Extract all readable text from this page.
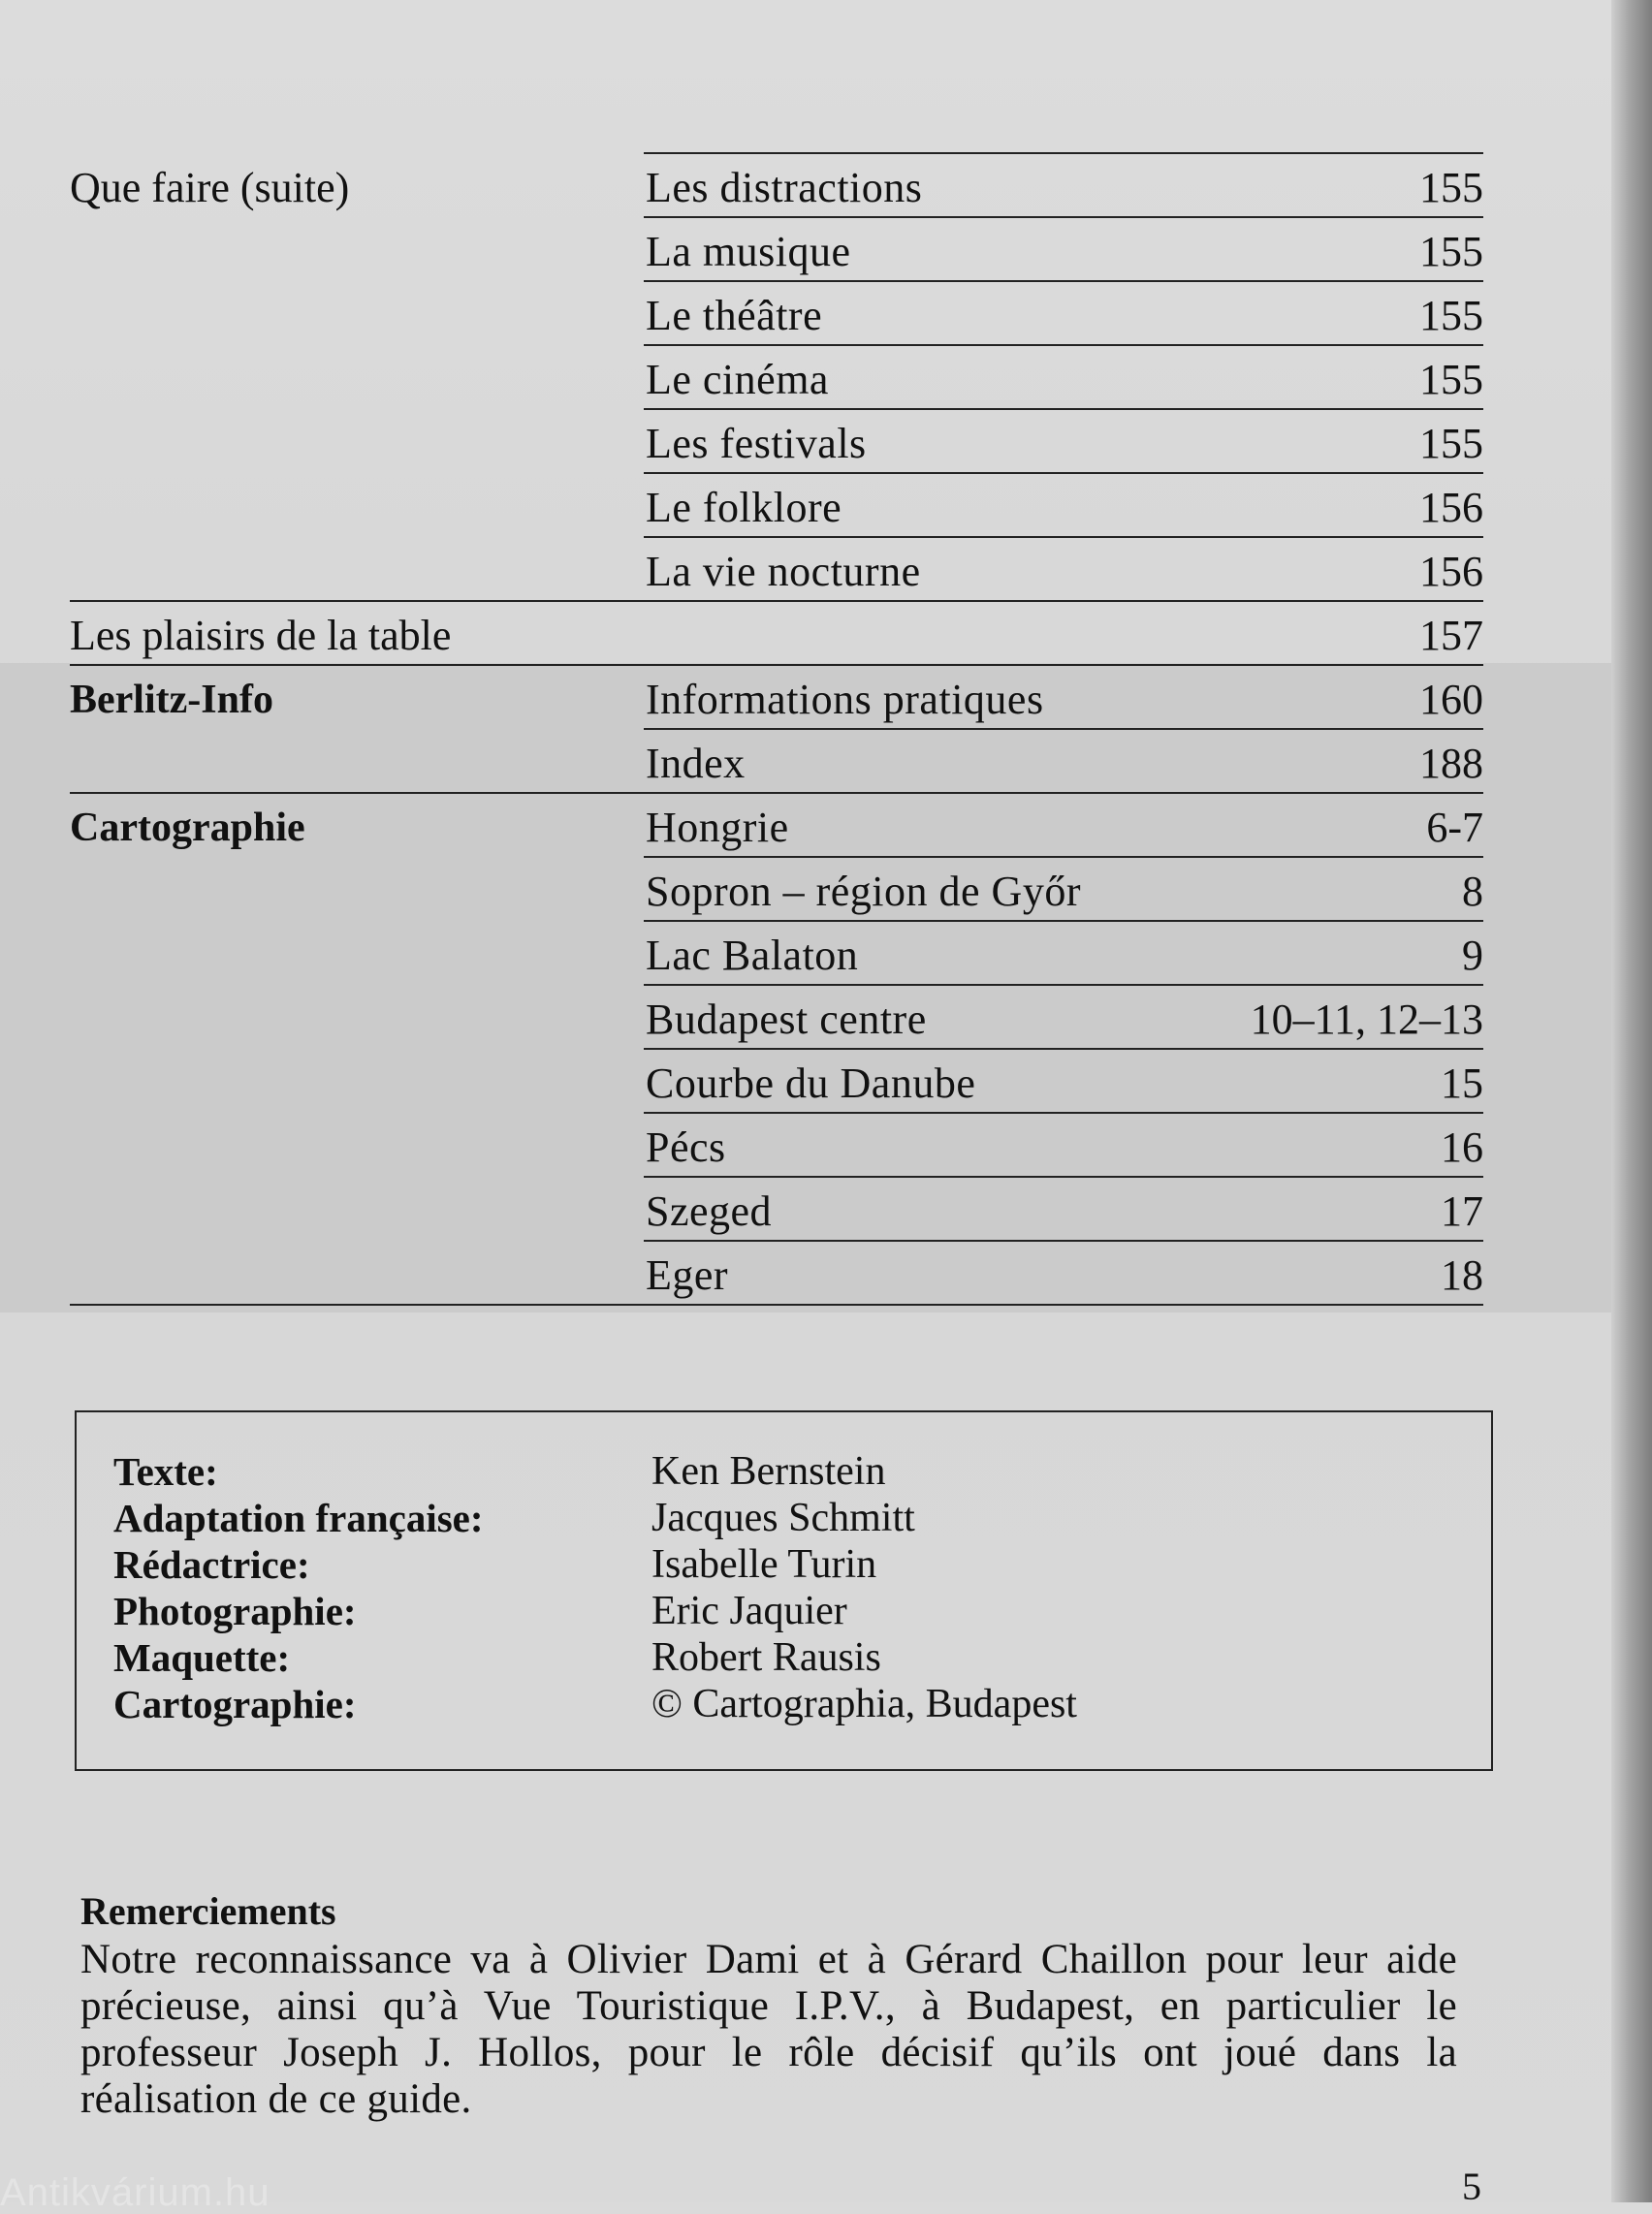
Que faire (suite)	Les distractions	155
La musique	155
Le théâtre	155
Le cinéma	155
Les festivals	155
Le folklore	156
La vie nocturne	156
Les plaisirs de la table	157
Berlitz-Info	Informations pratiques	160
Index	188
Cartographie	Hongrie	6-7
Sopron – région de Győr	8
Lac Balaton	9
Budapest centre	10–11, 12–13
Courbe du Danube	15
Pécs	16
Szeged	17
Eger	18
Texte:	Ken Bernstein
Adaptation française:	Jacques Schmitt
Rédactrice:	Isabelle Turin
Photographie:	Eric Jaquier
Maquette:	Robert Rausis
Cartographie:	© Cartographia, Budapest

Remerciements

Notre reconnaissance va à Olivier Dami et à Gérard Chaillon pour leur aide précieuse, ainsi qu’à Vue Touristique I.P.V., à Budapest, en particulier le professeur Joseph J. Hollos, pour le rôle décisif qu’ils ont joué dans la réalisation de ce guide.

Antikvárium.hu	5
